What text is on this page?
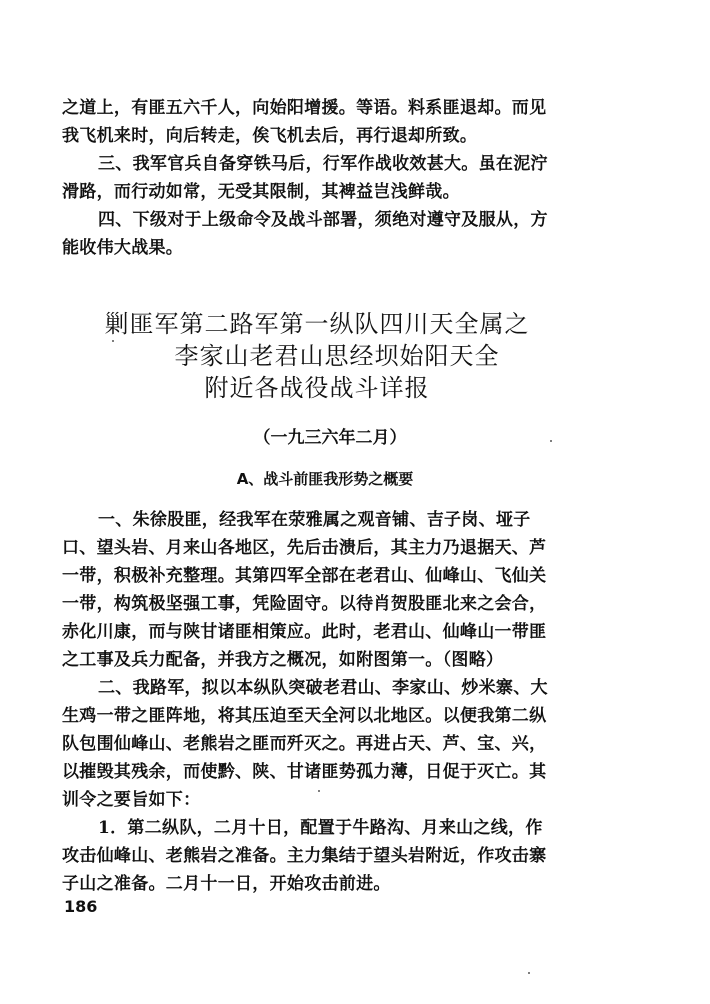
之道上，有匪五六千人，向始阳增援。等语。料系匪退却。而见
我飞机来时，向后转走，俟飞机去后，再行退却所致。
三、我军官兵自备穿铁马后，行军作战收效甚大。虽在泥泞
滑路，而行动如常，无受其限制，其裨益岂浅鲜哉。
四、下级对于上级命令及战斗部署，须绝对遵守及服从，方
能收伟大战果。
剿匪军第二路军第一纵队四川天全属之
李家山老君山思经坝始阳天全
附近各战役战斗详报
（一九三六年二月）
A、战斗前匪我形势之概要
一、朱徐股匪，经我军在荥雅属之观音铺、吉子岗、垭子
口、望头岩、月来山各地区，先后击溃后，其主力乃退据天、芦
一带，积极补充整理。其第四军全部在老君山、仙峰山、飞仙关
一带，构筑极坚强工事，凭险固守。以待肖贺股匪北来之会合，
赤化川康，而与陕甘诸匪相策应。此时，老君山、仙峰山一带匪
之工事及兵力配备，并我方之概况，如附图第一。（图略）
二、我路军，拟以本纵队突破老君山、李家山、炒米寨、大
生鸡一带之匪阵地，将其压迫至天全河以北地区。以便我第二纵
队包围仙峰山、老熊岩之匪而歼灭之。再进占天、芦、宝、兴，
以摧毁其残余，而使黔、陕、甘诸匪势孤力薄，日促于灭亡。其
训令之要旨如下：
1．第二纵队，二月十日，配置于牛路沟、月来山之线，作
攻击仙峰山、老熊岩之准备。主力集结于望头岩附近，作攻击寨
子山之准备。二月十一日，开始攻击前进。
186
